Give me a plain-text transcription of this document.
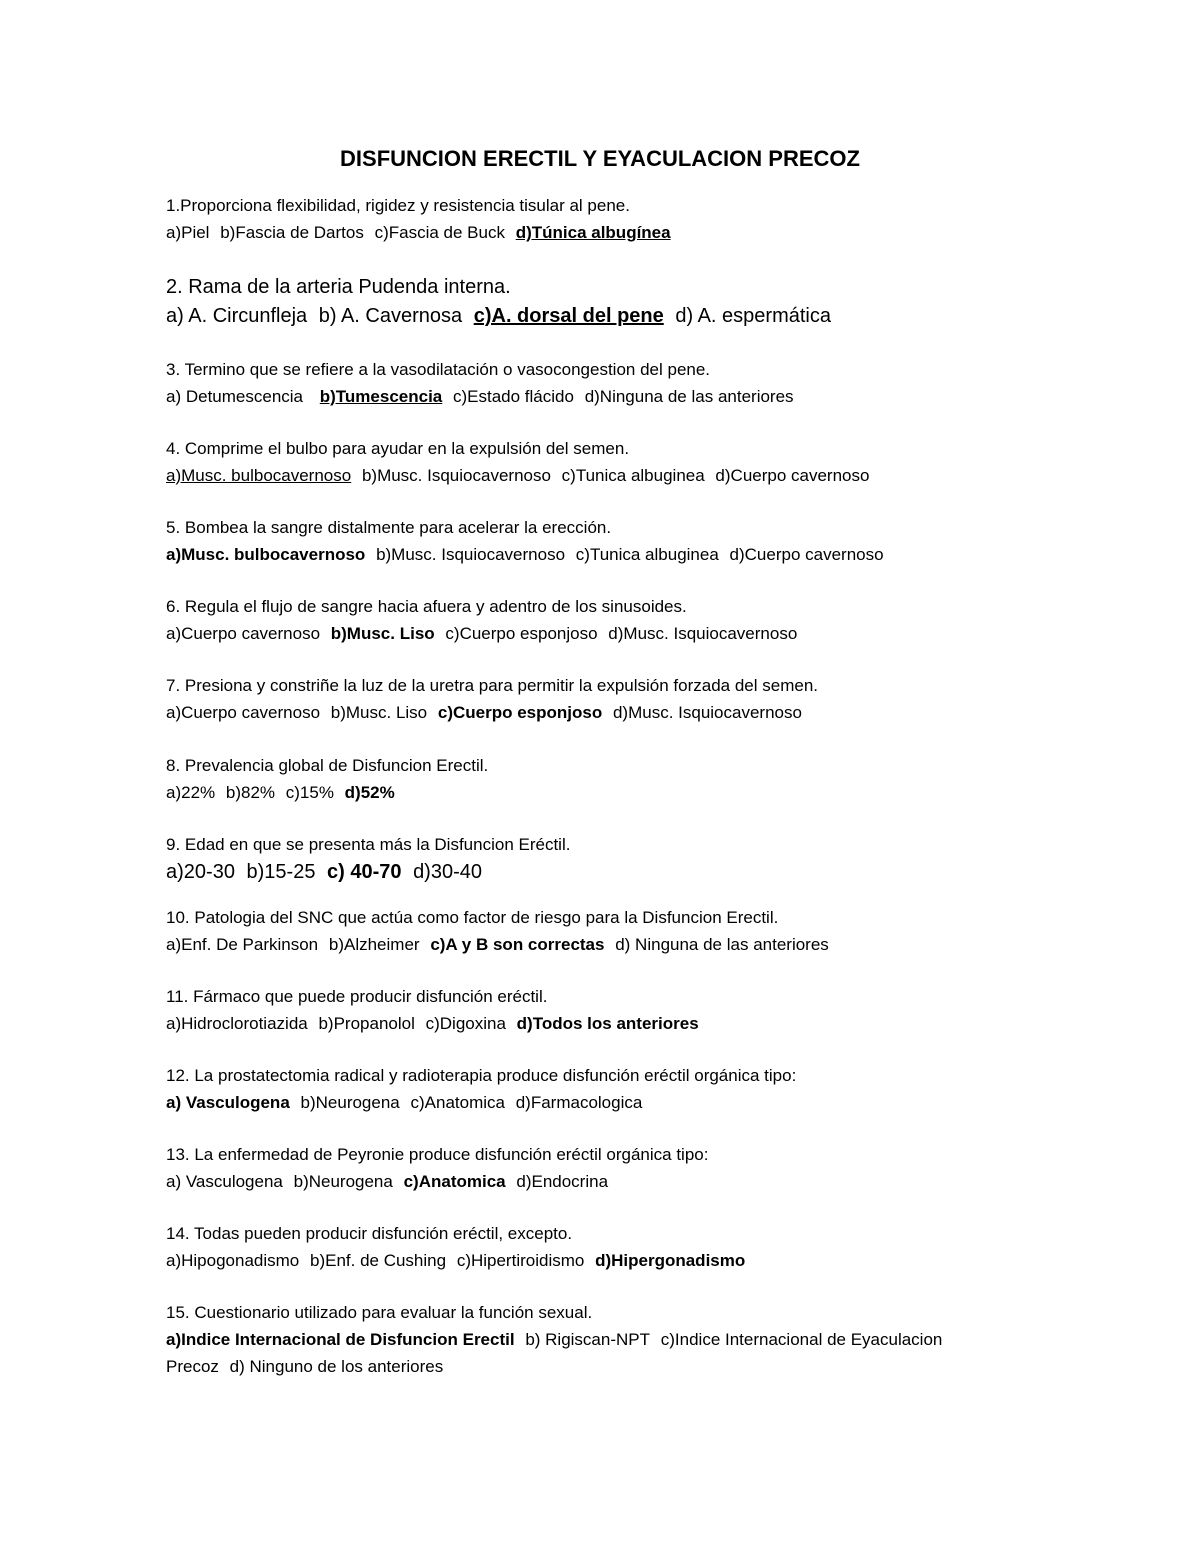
DISFUNCION ERECTIL Y EYACULACION PRECOZ
1.Proporciona flexibilidad, rigidez y resistencia tisular al pene.
a)Piel b)Fascia de Dartos c)Fascia de Buck d)Túnica albugínea
2. Rama de la arteria Pudenda interna.
a) A. Circunfleja b) A. Cavernosa c)A. dorsal del pene d) A. espermática
3. Termino que se refiere a la vasodilatación o vasocongestion del pene.
a) Detumescencia b)Tumescencia c)Estado flácido d)Ninguna de las anteriores
4. Comprime el bulbo para ayudar en la expulsión del semen.
a)Musc. bulbocavernoso b)Musc. Isquiocavernoso c)Tunica albuginea d)Cuerpo cavernoso
5. Bombea la sangre distalmente para acelerar la erección.
a)Musc. bulbocavernoso b)Musc. Isquiocavernoso c)Tunica albuginea d)Cuerpo cavernoso
6. Regula el flujo de sangre hacia afuera y adentro de los sinusoides.
a)Cuerpo cavernoso b)Musc. Liso c)Cuerpo esponjoso d)Musc. Isquiocavernoso
7. Presiona y constriñe la luz de la uretra para permitir la expulsión forzada del semen.
a)Cuerpo cavernoso b)Musc. Liso c)Cuerpo esponjoso d)Musc. Isquiocavernoso
8. Prevalencia global de Disfuncion Erectil.
a)22% b)82% c)15% d)52%
9. Edad en que se presenta más la Disfuncion Eréctil.
a)20-30 b)15-25 c) 40-70 d)30-40
10. Patologia del SNC que actúa como factor de riesgo para la Disfuncion Erectil.
a)Enf. De Parkinson b)Alzheimer c)A y B son correctas d) Ninguna de las anteriores
11. Fármaco que puede producir disfunción eréctil.
a)Hidroclorotiazida b)Propanolol c)Digoxina d)Todos los anteriores
12. La prostatectomia radical y radioterapia produce disfunción eréctil orgánica tipo:
a) Vasculogena b)Neurogena c)Anatomica d)Farmacologica
13. La enfermedad de Peyronie produce disfunción eréctil orgánica tipo:
a) Vasculogena b)Neurogena c)Anatomica d)Endocrina
14. Todas pueden producir disfunción eréctil, excepto.
a)Hipogonadismo b)Enf. de Cushing c)Hipertiroidismo d)Hipergonadismo
15. Cuestionario utilizado para evaluar la función sexual.
a)Indice Internacional de Disfuncion Erectil b) Rigiscan-NPT c)Indice Internacional de Eyaculacion
Precoz d) Ninguno de los anteriores
